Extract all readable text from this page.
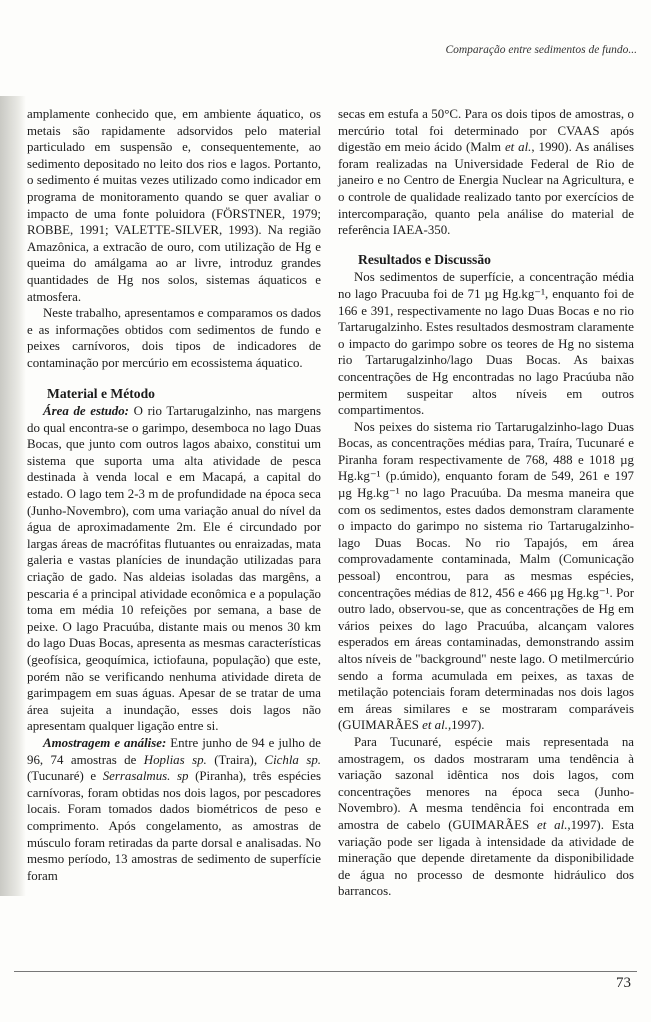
Comparação entre sedimentos de fundo...

amplamente conhecido que, em ambiente áquatico, os metais são rapidamente adsorvidos pelo material particulado em suspensão e, consequentemente, ao sedimento depositado no leito dos rios e lagos. Portanto, o sedimento é muitas vezes utilizado como indicador em programa de monitoramento quando se quer avaliar o impacto de uma fonte poluidora (FÖRSTNER, 1979; ROBBE, 1991; VALETTE-SILVER, 1993). Na região Amazônica, a extracão de ouro, com utilização de Hg e queima do amálgama ao ar livre, introduz grandes quantidades de Hg nos solos, sistemas áquaticos e atmosfera.

Neste trabalho, apresentamos e comparamos os dados e as informações obtidos com sedimentos de fundo e peixes carnívoros, dois tipos de indicadores de contaminação por mercúrio em ecossistema áquatico.

Material e Método

Área de estudo: O rio Tartarugalzinho, nas margens do qual encontra-se o garimpo, desemboca no lago Duas Bocas, que junto com outros lagos abaixo, constitui um sistema que suporta uma alta atividade de pesca destinada à venda local e em Macapá, a capital do estado. O lago tem 2-3 m de profundidade na época seca (Junho-Novembro), com uma variação anual do nível da água de aproximadamente 2m. Ele é circundado por largas áreas de macrófitas flutuantes ou enraizadas, mata galeria e vastas planícies de inundação utilizadas para criação de gado. Nas aldeias isoladas das margêns, a pescaria é a principal atividade econômica e a população toma em média 10 refeições por semana, a base de peixe. O lago Pracuúba, distante mais ou menos 30 km do lago Duas Bocas, apresenta as mesmas características (geofísica, geoquímica, ictiofauna, população) que este, porém não se verificando nenhuma atividade direta de garimpagem em suas águas. Apesar de se tratar de uma área sujeita a inundação, esses dois lagos não apresentam qualquer ligação entre si.

Amostragem e análise: Entre junho de 94 e julho de 96, 74 amostras de Hoplias sp. (Traira), Cichla sp. (Tucunaré) e Serrasalmus. sp (Piranha), três espécies carnívoras, foram obtidas nos dois lagos, por pescadores locais. Foram tomados dados biométricos de peso e comprimento. Após congelamento, as amostras de músculo foram retiradas da parte dorsal e analisadas. No mesmo período, 13 amostras de sedimento de superfície foram

secas em estufa a 50°C. Para os dois tipos de amostras, o mercúrio total foi determinado por CVAAS após digestão em meio ácido (Malm et al., 1990). As análises foram realizadas na Universidade Federal de Rio de janeiro e no Centro de Energia Nuclear na Agricultura, e o controle de qualidade realizado tanto por exercícios de intercomparação, quanto pela análise do material de referência IAEA-350.

Resultados e Discussão

Nos sedimentos de superfície, a concentração média no lago Pracuuba foi de 71 µg Hg.kg⁻¹, enquanto foi de 166 e 391, respectivamente no lago Duas Bocas e no rio Tartarugalzinho. Estes resultados desmostram claramente o impacto do garimpo sobre os teores de Hg no sistema rio Tartarugalzinho/lago Duas Bocas. As baixas concentrações de Hg encontradas no lago Pracúuba não permitem suspeitar altos níveis em outros compartimentos.

Nos peixes do sistema rio Tartarugalzinho-lago Duas Bocas, as concentrações médias para, Traíra, Tucunaré e Piranha foram respectivamente de 768, 488 e 1018 µg Hg.kg⁻¹ (p.úmido), enquanto foram de 549, 261 e 197 µg Hg.kg⁻¹ no lago Pracuúba. Da mesma maneira que com os sedimentos, estes dados demonstram claramente o impacto do garimpo no sistema rio Tartarugalzinho-lago Duas Bocas. No rio Tapajós, em área comprovadamente contaminada, Malm (Comunicação pessoal) encontrou, para as mesmas espécies, concentrações médias de 812, 456 e 466 µg Hg.kg⁻¹. Por outro lado, observou-se, que as concentrações de Hg em vários peixes do lago Pracuúba, alcançam valores esperados em áreas contaminadas, demonstrando assim altos níveis de "background" neste lago. O metilmercúrio sendo a forma acumulada em peixes, as taxas de metilação potenciais foram determinadas nos dois lagos em áreas similares e se mostraram comparáveis (GUIMARÃES et al.,1997).

Para Tucunaré, espécie mais representada na amostragem, os dados mostraram uma tendência à variação sazonal idêntica nos dois lagos, com concentrações menores na época seca (Junho-Novembro). A mesma tendência foi encontrada em amostra de cabelo (GUIMARÃES et al.,1997). Esta variação pode ser ligada à intensidade da atividade de mineração que depende diretamente da disponibilidade de água no processo de desmonte hidráulico dos barrancos.

73
